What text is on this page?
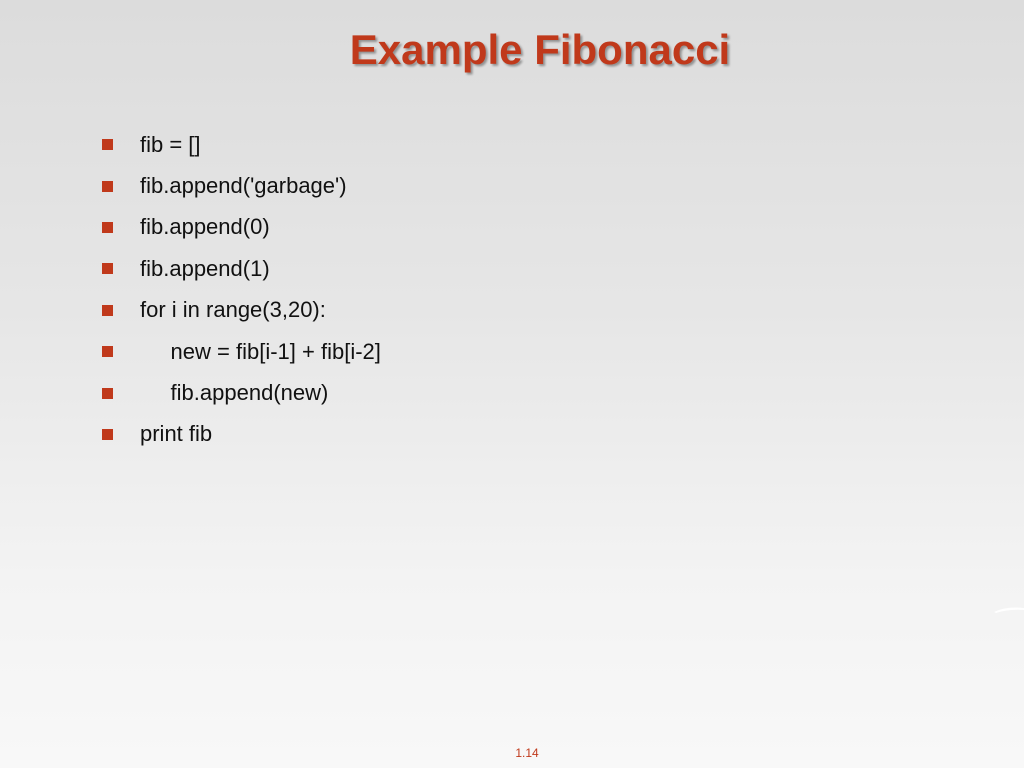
Example Fibonacci
fib = []
fib.append('garbage')
fib.append(0)
fib.append(1)
for i in range(3,20):
new = fib[i-1] + fib[i-2]
fib.append(new)
print fib
1.14
